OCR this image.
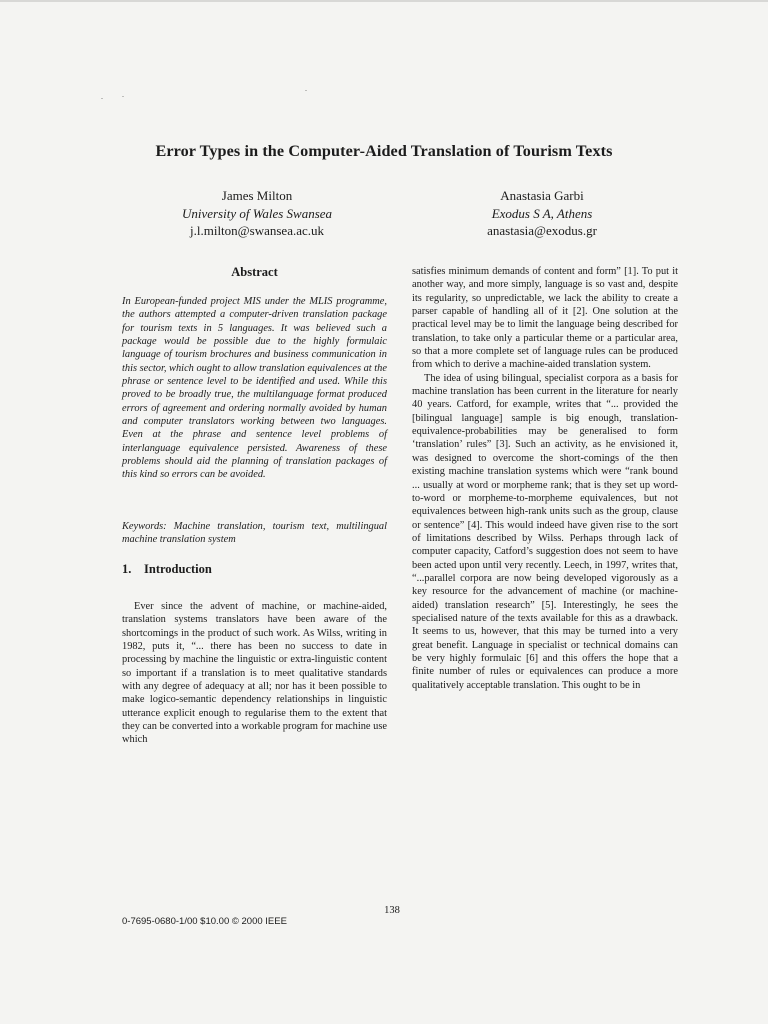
Error Types in the Computer-Aided Translation of Tourism Texts
James Milton
University of Wales Swansea
j.l.milton@swansea.ac.uk
Anastasia Garbi
Exodus S A, Athens
anastasia@exodus.gr
Abstract
In European-funded project MIS under the MLIS programme, the authors attempted a computer-driven translation package for tourism texts in 5 languages. It was believed such a package would be possible due to the highly formulaic language of tourism brochures and business communication in this sector, which ought to allow translation equivalences at the phrase or sentence level to be identified and used. While this proved to be broadly true, the multilanguage format produced errors of agreement and ordering normally avoided by human and computer translators working between two languages. Even at the phrase and sentence level problems of interlanguage equivalence persisted. Awareness of these problems should aid the planning of translation packages of this kind so errors can be avoided.
Keywords: Machine translation, tourism text, multilingual machine translation system
1. Introduction

Ever since the advent of machine, or machine-aided, translation systems translators have been aware of the shortcomings in the product of such work. As Wilss, writing in 1982, puts it, “... there has been no success to date in processing by machine the linguistic or extra-linguistic content so important if a translation is to meet qualitative standards with any degree of adequacy at all; nor has it been possible to make logico-semantic dependency relationships in linguistic utterance explicit enough to regularise them to the extent that they can be converted into a workable program for machine use which

satisfies minimum demands of content and form” [1]. To put it another way, and more simply, language is so vast and, despite its regularity, so unpredictable, we lack the ability to create a parser capable of handling all of it [2]. One solution at the practical level may be to limit the language being described for translation, to take only a particular theme or a particular area, so that a more complete set of language rules can be produced from which to derive a machine-aided translation system.

The idea of using bilingual, specialist corpora as a basis for machine translation has been current in the literature for nearly 40 years. Catford, for example, writes that “... provided the [bilingual language] sample is big enough, translation-equivalence-probabilities may be generalised to form ‘translation’ rules” [3]. Such an activity, as he envisioned it, was designed to overcome the short-comings of the then existing machine translation systems which were “rank bound ... usually at word or morpheme rank; that is they set up word-to-word or morpheme-to-morpheme equivalences, but not equivalences between high-rank units such as the group, clause or sentence” [4]. This would indeed have given rise to the sort of limitations described by Wilss. Perhaps through lack of computer capacity, Catford’s suggestion does not seem to have been acted upon until very recently. Leech, in 1997, writes that, “...parallel corpora are now being developed vigorously as a key resource for the advancement of machine (or machine-aided) translation research” [5]. Interestingly, he sees the specialised nature of the texts available for this as a drawback. It seems to us, however, that this may be turned into a very great benefit. Language in specialist or technical domains can be very highly formulaic [6] and this offers the hope that a finite number of rules or equivalences can produce a more qualitatively acceptable translation. This ought to be in

138
0-7695-0680-1/00 $10.00 © 2000 IEEE
